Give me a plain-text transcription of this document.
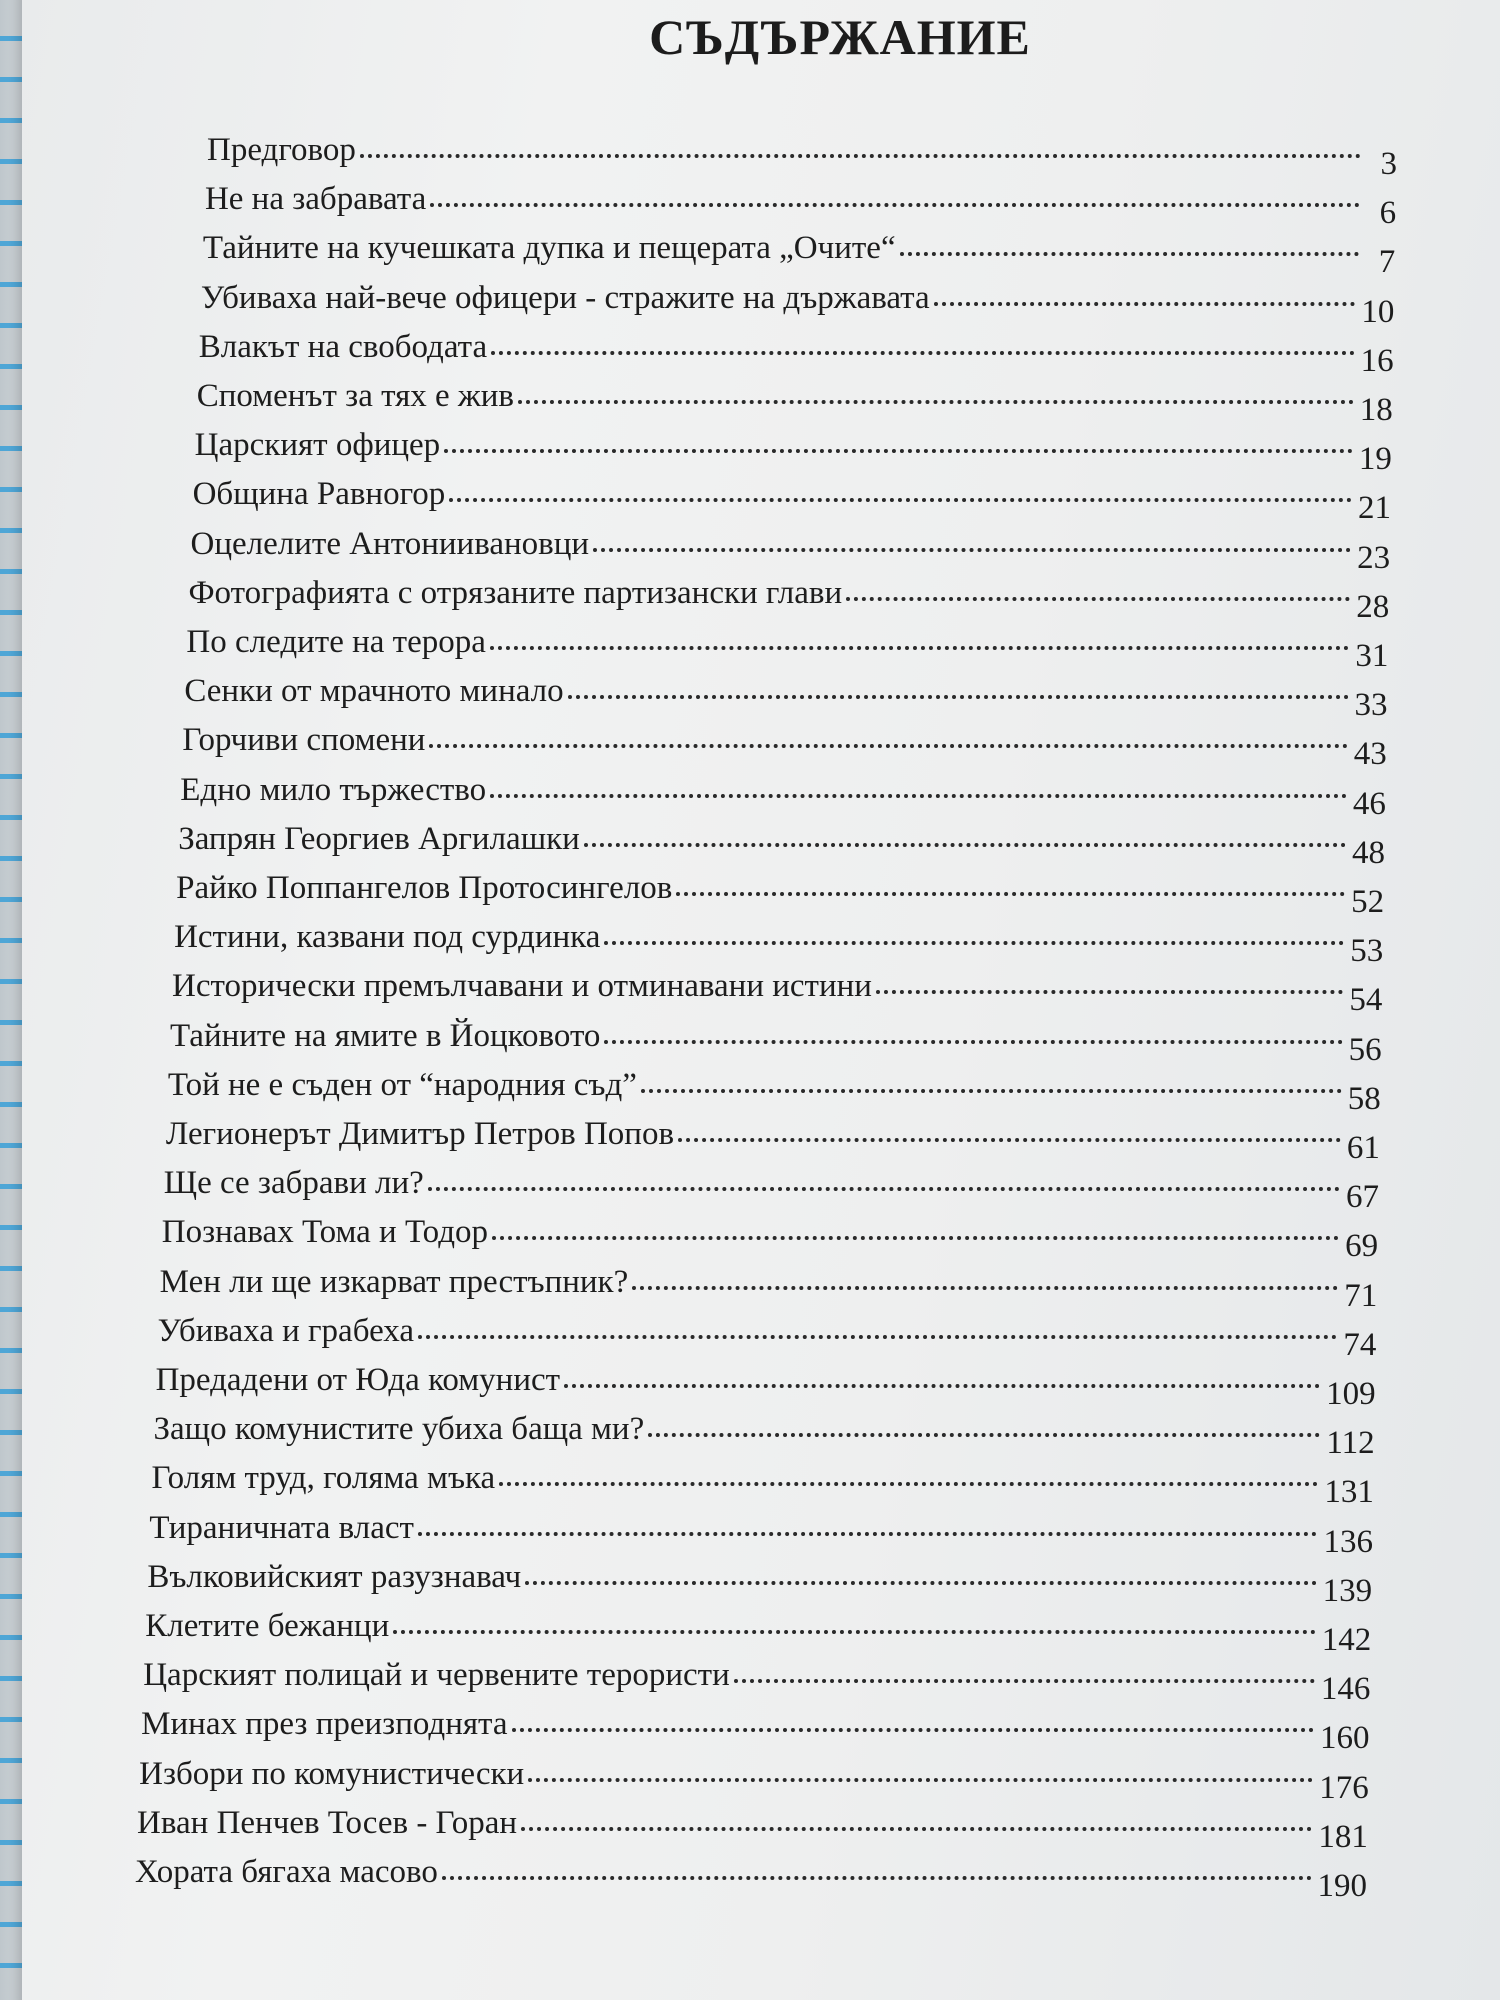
СЪДЪРЖАНИЕ
Предговор	3
Не на забравата	6
Тайните на кучешката дупка и пещерата „Очите“	7
Убиваха най-вече офицери - стражите на държавата	10
Влакът на свободата	16
Споменът за тях е жив	18
Царският офицер	19
Община Равногор	21
Оцелелите Антониивановци	23
Фотографията с отрязаните партизански глави	28
По следите на терора	31
Сенки от мрачното минало	33
Горчиви спомени	43
Едно мило тържество	46
Запрян Георгиев Аргилашки	48
Райко Поппангелов Протосингелов	52
Истини, казвани под сурдинка	53
Исторически премълчавани и отминавани истини	54
Тайните на ямите в Йоцковото	56
Той не е съден от “народния съд”	58
Легионерът Димитър Петров Попов	61
Ще се забрави ли?	67
Познавах Тома и Тодор	69
Мен ли ще изкарват престъпник?	71
Убиваха и грабеха	74
Предадени от Юда комунист	109
Защо комунистите убиха баща ми?	112
Голям труд, голяма мъка	131
Тираничната власт	136
Вълковийският разузнавач	139
Клетите бежанци	142
Царският полицай и червените терористи	146
Минах през преизподнята	160
Избори по комунистически	176
Иван Пенчев Тосев - Горан	181
Хората бягаха масово	190
